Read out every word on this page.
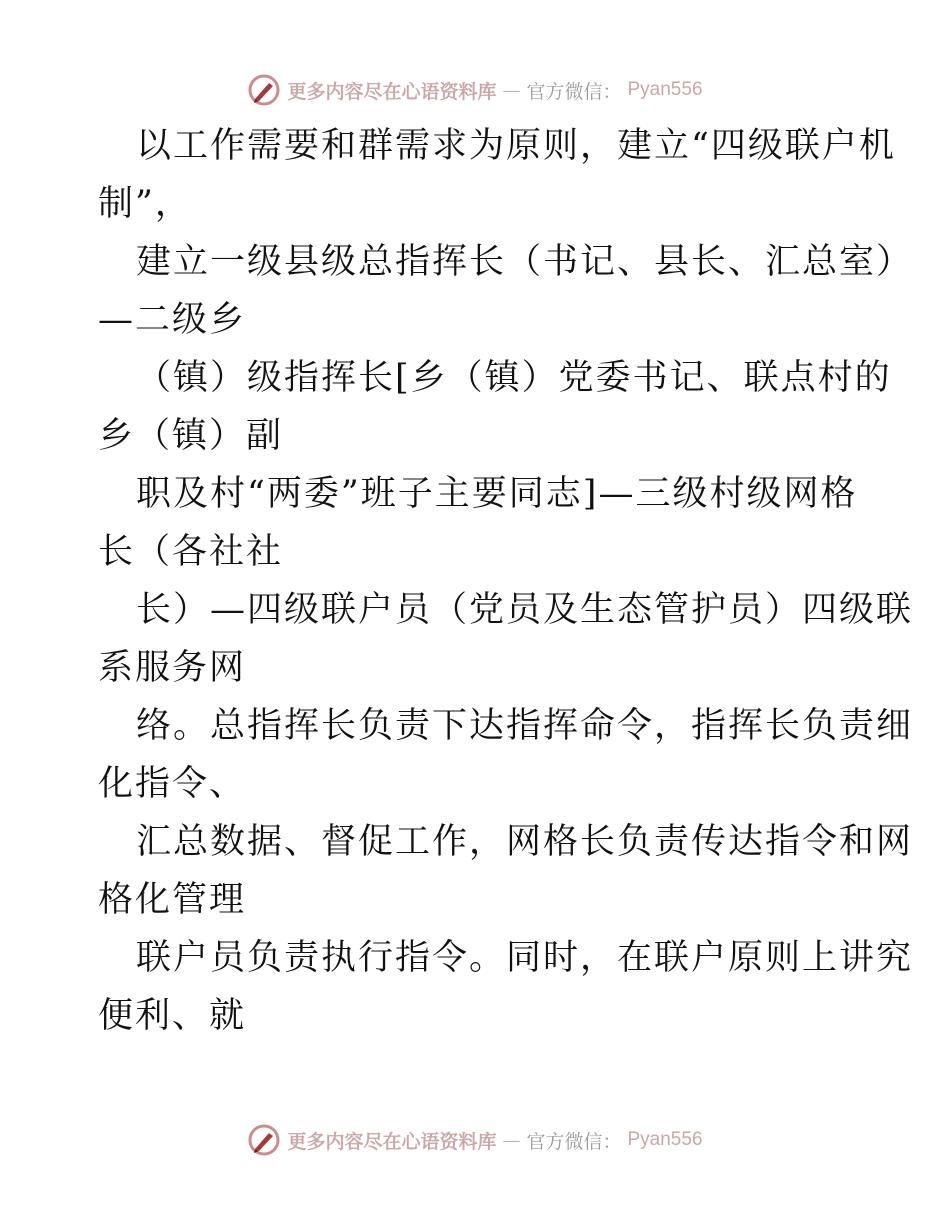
更多内容尽在心语资料库 — 官方微信： Pyan556
以工作需要和群需求为原则，建立“四级联户机
制”，
建立一级县级总指挥长（书记、县长、汇总室）
—二级乡
（镇）级指挥长[乡（镇）党委书记、联点村的
乡（镇）副
职及村“两委”班子主要同志]—三级村级网格
长（各社社
长）—四级联户员（党员及生态管护员）四级联
系服务网
络。总指挥长负责下达指挥命令，指挥长负责细
化指令、
汇总数据、督促工作，网格长负责传达指令和网
格化管理
联户员负责执行指令。同时，在联户原则上讲究
便利、就
更多内容尽在心语资料库 — 官方微信： Pyan556
